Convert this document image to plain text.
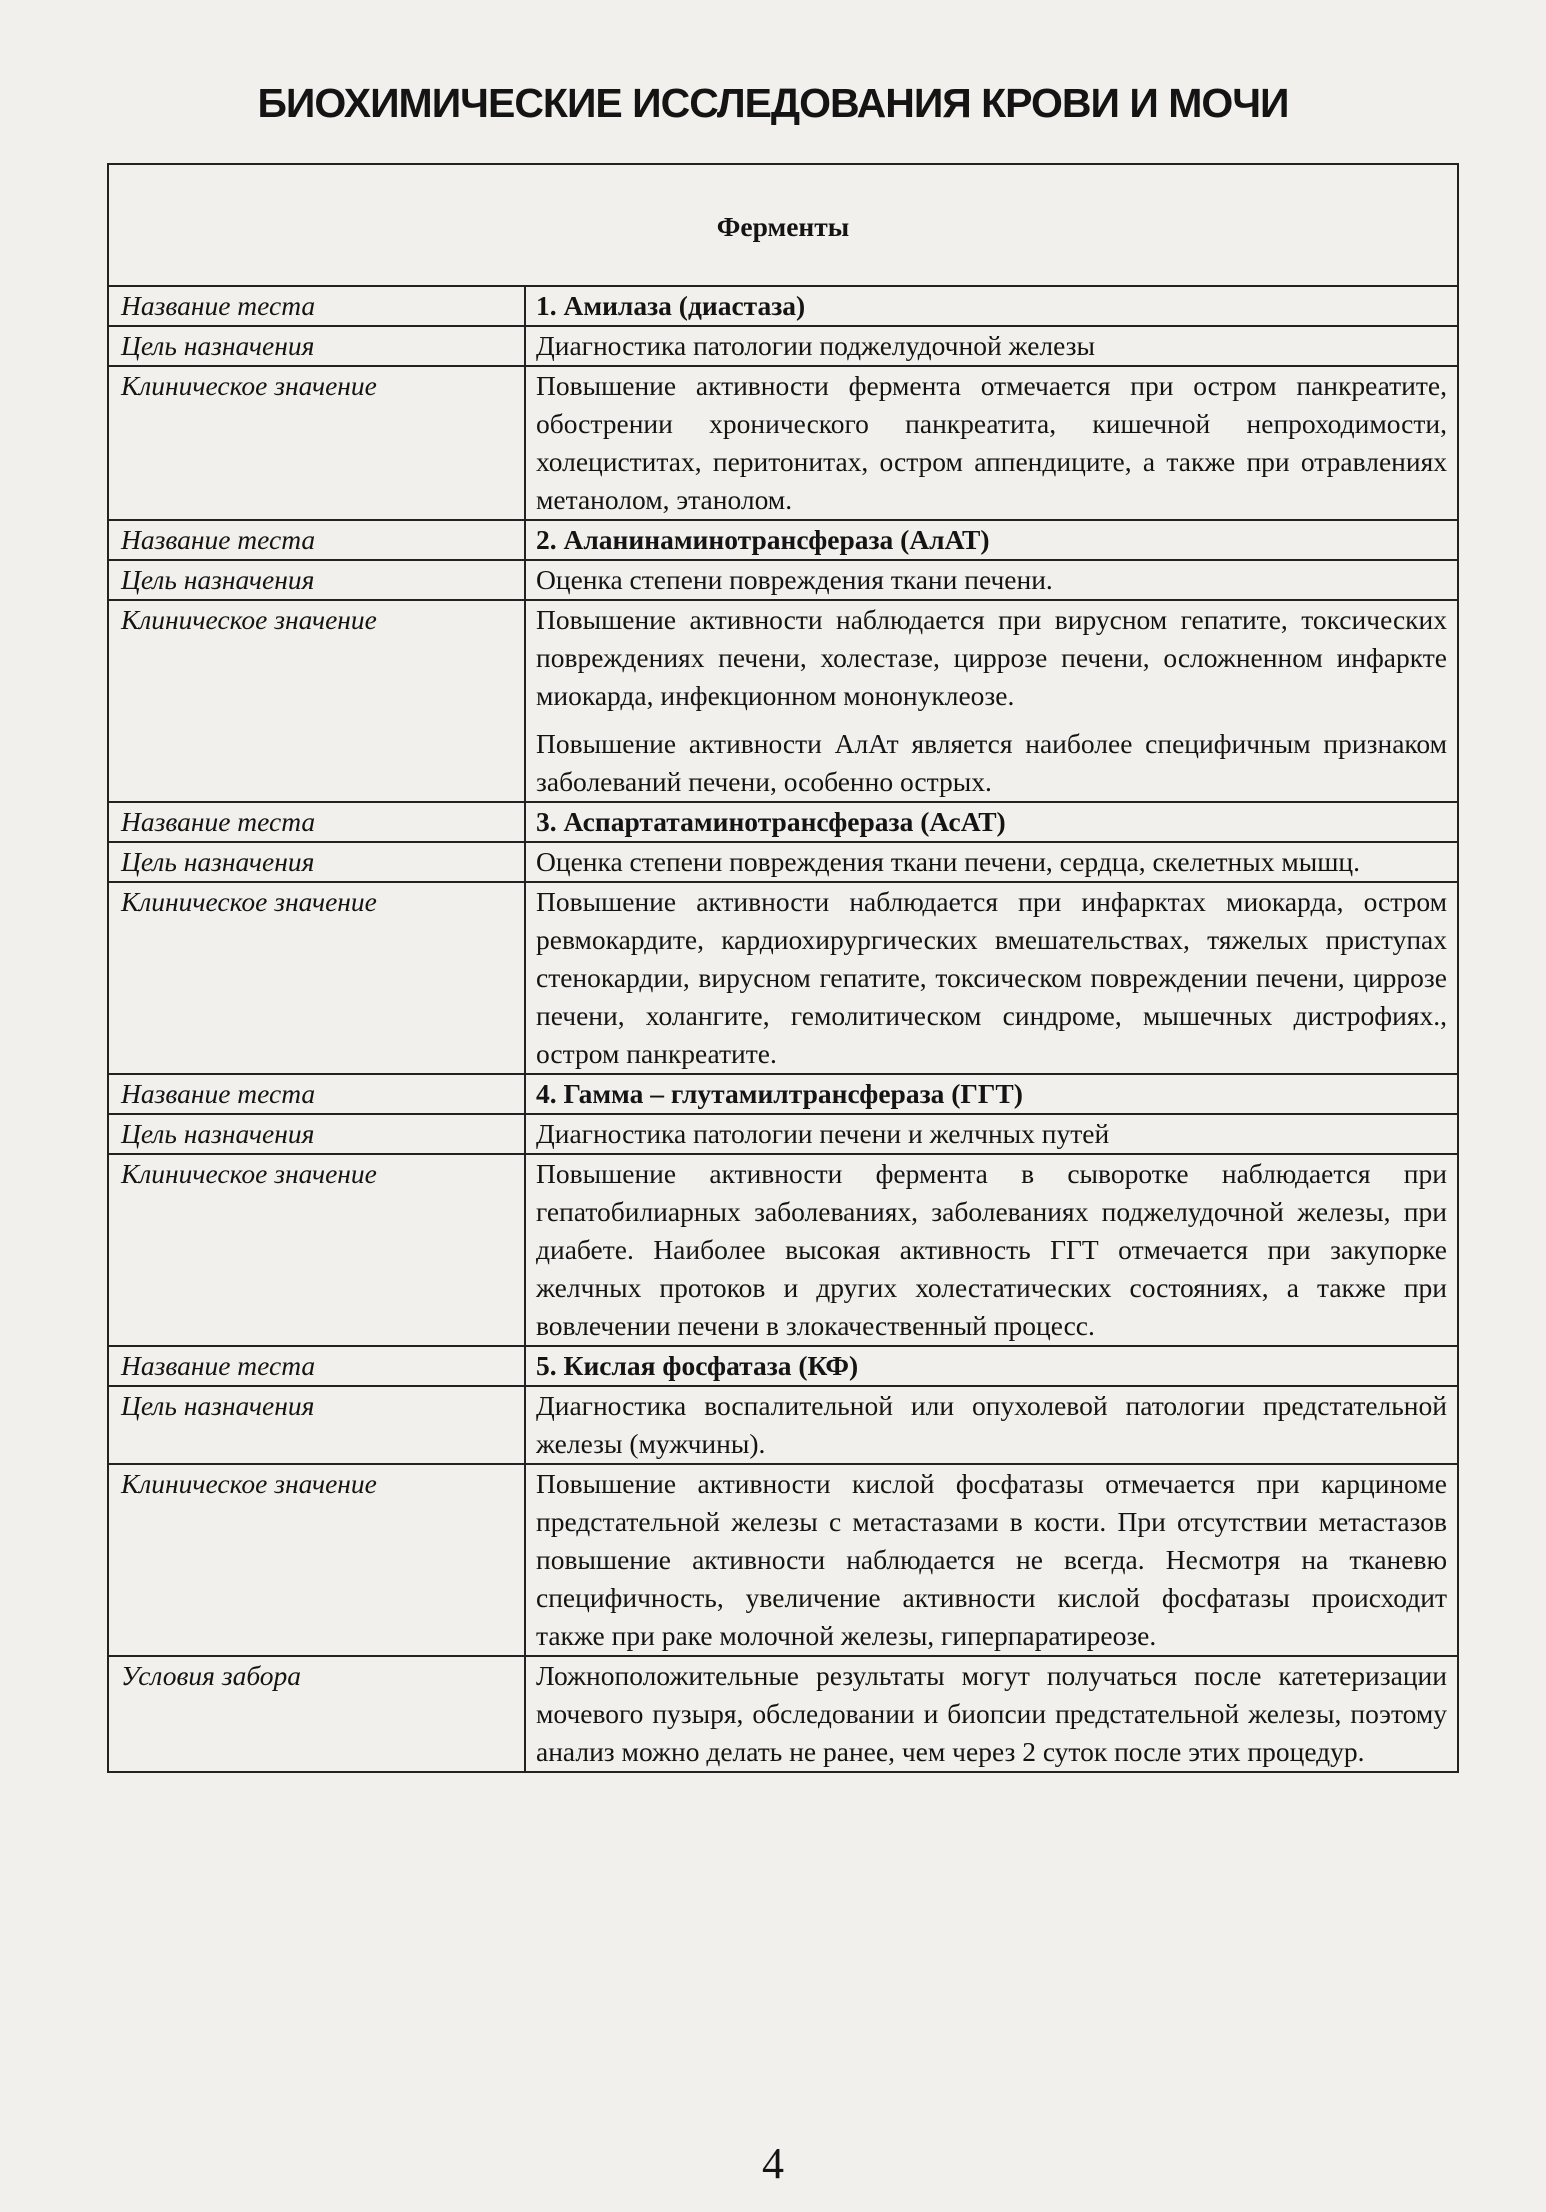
БИОХИМИЧЕСКИЕ ИССЛЕДОВАНИЯ КРОВИ И МОЧИ
Ферменты	
Название теста	1. Амилаза (диастаза)
Цель назначения	Диагностика патологии поджелудочной железы
Клиническое значение	Повышение активности фермента отмечается при остром панкреатите, обострении хронического панкреатита, кишечной непроходимости, холециститах, перитонитах, остром аппендиците, а также при отравлениях метанолом, этанолом.

Название теста	2. Аланинаминотрансфераза (АлАТ)
Цель назначения	Оценка степени повреждения ткани печени.
Клиническое значение	Повышение активности наблюдается при вирусном гепатите, токсических повреждениях печени, холестазе, циррозе печени, осложненном инфаркте миокарда, инфекционном мононуклеозе.

Повышение активности АлАт является наиболее специфичным признаком заболеваний печени, особенно острых.

Название теста	3. Аспартатаминотрансфераза (АсАТ)
Цель назначения	Оценка степени повреждения ткани печени, сердца, скелетных мышц.
Клиническое значение	Повышение активности наблюдается при инфарктах миокарда, остром ревмокардите, кардиохирургических вмешательствах, тяжелых приступах стенокардии, вирусном гепатите, токсическом повреждении печени, циррозе печени, холангите, гемолитическом синдроме, мышечных дистрофиях., остром панкреатите.

Название теста	4. Гамма – глутамилтрансфераза (ГГТ)
Цель назначения	Диагностика патологии печени и желчных путей
Клиническое значение	Повышение активности фермента в сыворотке наблюдается при гепатобилиарных заболеваниях, заболеваниях поджелудочной железы, при диабете. Наиболее высокая активность ГГТ отмечается при закупорке желчных протоков и других холестатических состояниях, а также при вовлечении печени в злокачественный процесс.

Название теста	5. Кислая фосфатаза (КФ)
Цель назначения	Диагностика воспалительной или опухолевой патологии предстательной железы (мужчины).
Клиническое значение	Повышение активности кислой фосфатазы отмечается при карциноме предстательной железы с метастазами в кости. При отсутствии метастазов повышение активности наблюдается не всегда. Несмотря на тканевю специфичность, увеличение активности кислой фосфатазы происходит также при раке молочной железы, гиперпаратиреозе.

Условия забора	Ложноположительные результаты могут получаться после катетеризации мочевого пузыря, обследовании и биопсии предстательной железы, поэтому анализ можно делать не ранее, чем через 2 суток после этих процедур.
4
